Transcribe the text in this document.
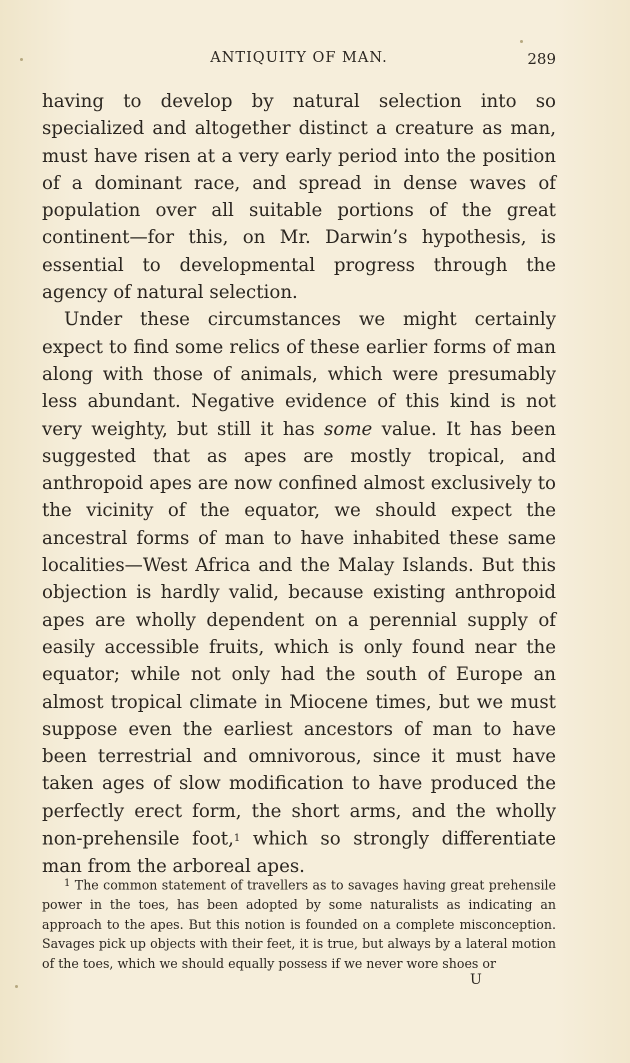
ANTIQUITY OF MAN.	289

having to develop by natural selection into so specialized and altogether distinct a creature as man, must have risen at a very early period into the position of a dominant race, and spread in dense waves of population over all suitable portions of the great continent—for this, on Mr. Darwin’s hypothesis, is essential to developmental progress through the agency of natural selection.

Under these circumstances we might certainly expect to find some relics of these earlier forms of man along with those of animals, which were presumably less abundant. Negative evidence of this kind is not very weighty, but still it has some value. It has been suggested that as apes are mostly tropical, and anthropoid apes are now confined almost exclusively to the vicinity of the equator, we should expect the ancestral forms of man to have inhabited these same localities—West Africa and the Malay Islands. But this objection is hardly valid, because existing anthropoid apes are wholly dependent on a perennial supply of easily accessible fruits, which is only found near the equator; while not only had the south of Europe an almost tropical climate in Miocene times, but we must suppose even the earliest ancestors of man to have been terrestrial and omnivorous, since it must have taken ages of slow modification to have produced the perfectly erect form, the short arms, and the wholly non-prehensile foot,$^1$ which so strongly differentiate man from the arboreal apes.

$^1$ The common statement of travellers as to savages having great prehensile power in the toes, has been adopted by some naturalists as indicating an approach to the apes. But this notion is founded on a complete misconception. Savages pick up objects with their feet, it is true, but always by a lateral motion of the toes, which we should equally possess if we never wore shoes or

U
